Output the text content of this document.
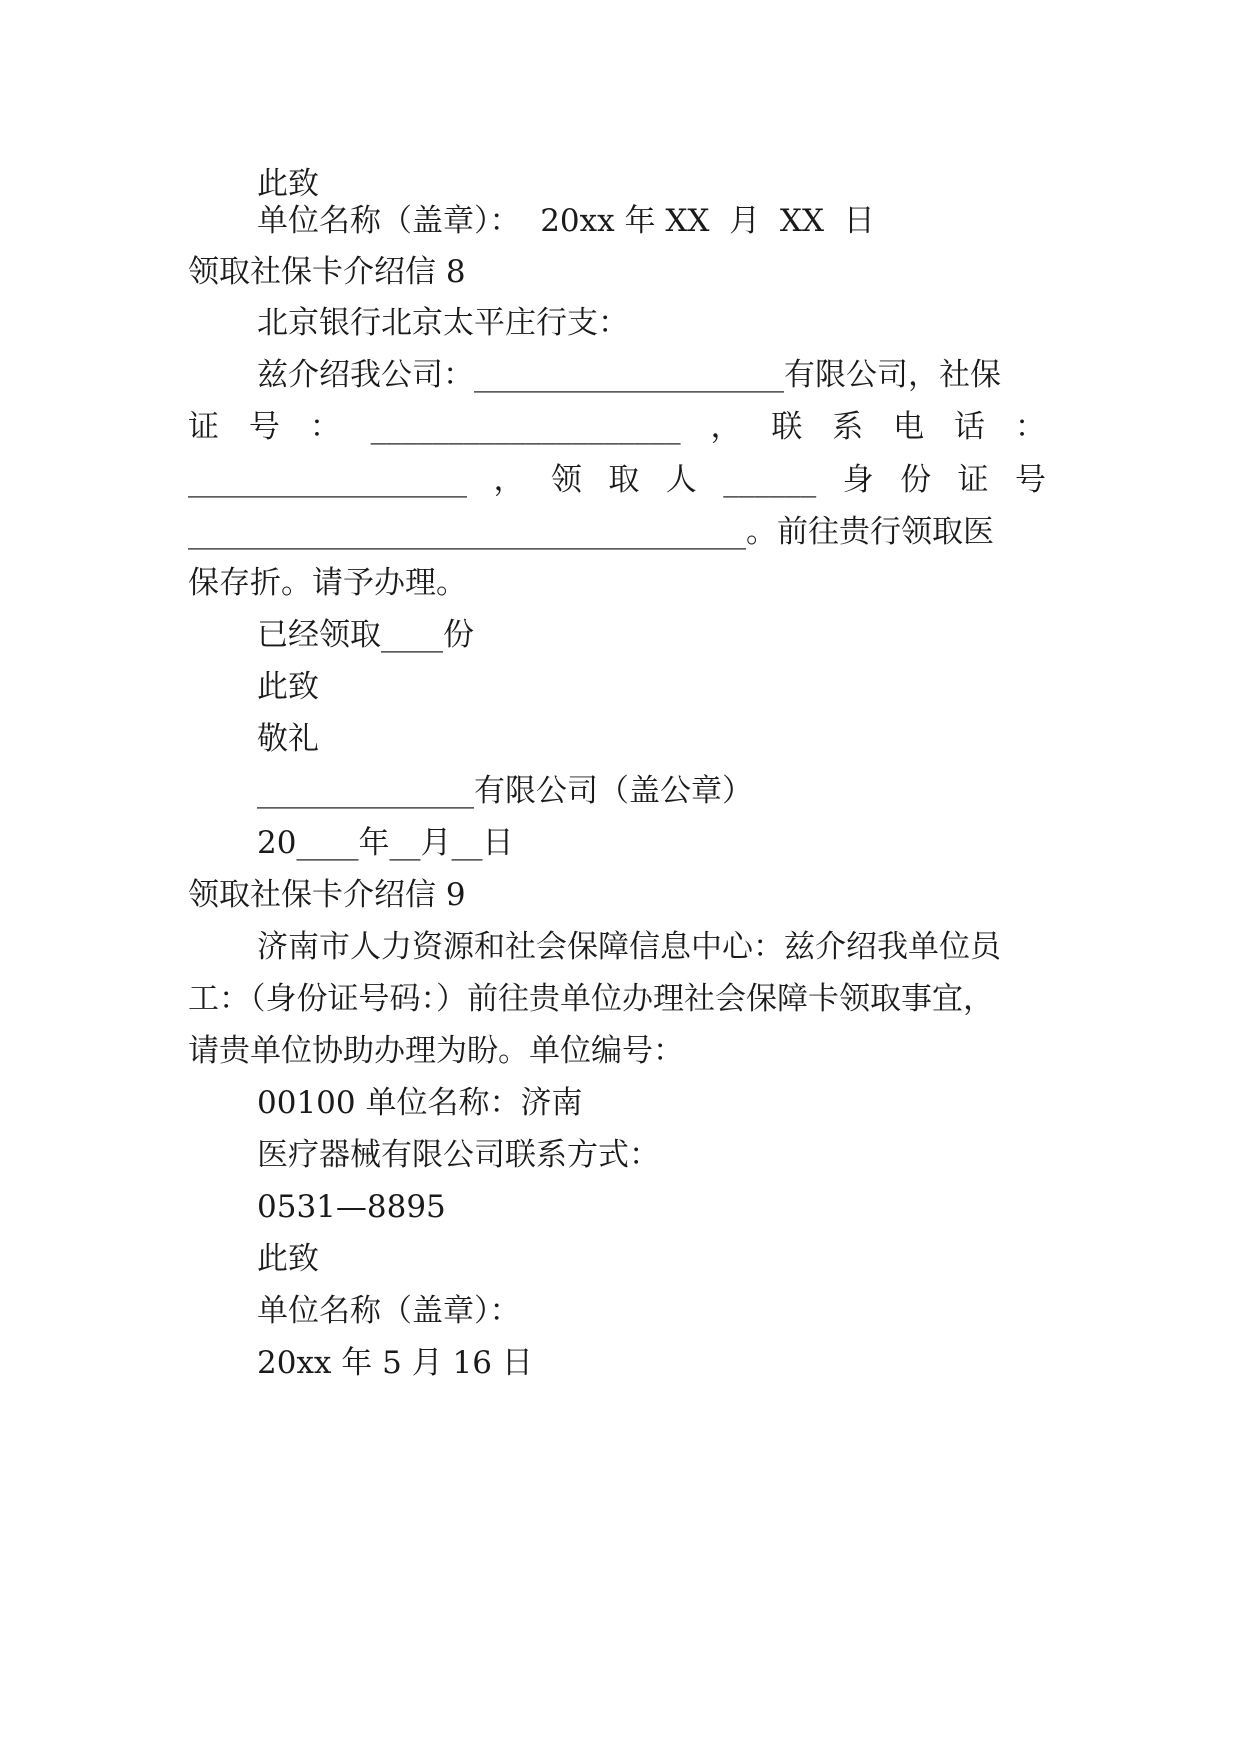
此致
单位名称（盖章）：  20xx 年 XX  月  XX  日
领取社保卡介绍信 8
北京银行北京太平庄行支：
兹介绍我公司：____________________有限公司，社保
证 号 ： ____________________ ， 联 系 电 话 ：
__________________ ， 领 取 人 ______ 身 份 证 号
____________________________________。前往贵行领取医
保存折。请予办理。
已经领取____份
此致
敬礼
______________有限公司（盖公章）
20____年__月__日
领取社保卡介绍信 9
济南市人力资源和社会保障信息中心：兹介绍我单位员
工：（身份证号码：）前往贵单位办理社会保障卡领取事宜，
请贵单位协助办理为盼。单位编号：
00100 单位名称：济南
医疗器械有限公司联系方式：
0531—8895
此致
单位名称（盖章）：
20xx 年 5 月 16 日
